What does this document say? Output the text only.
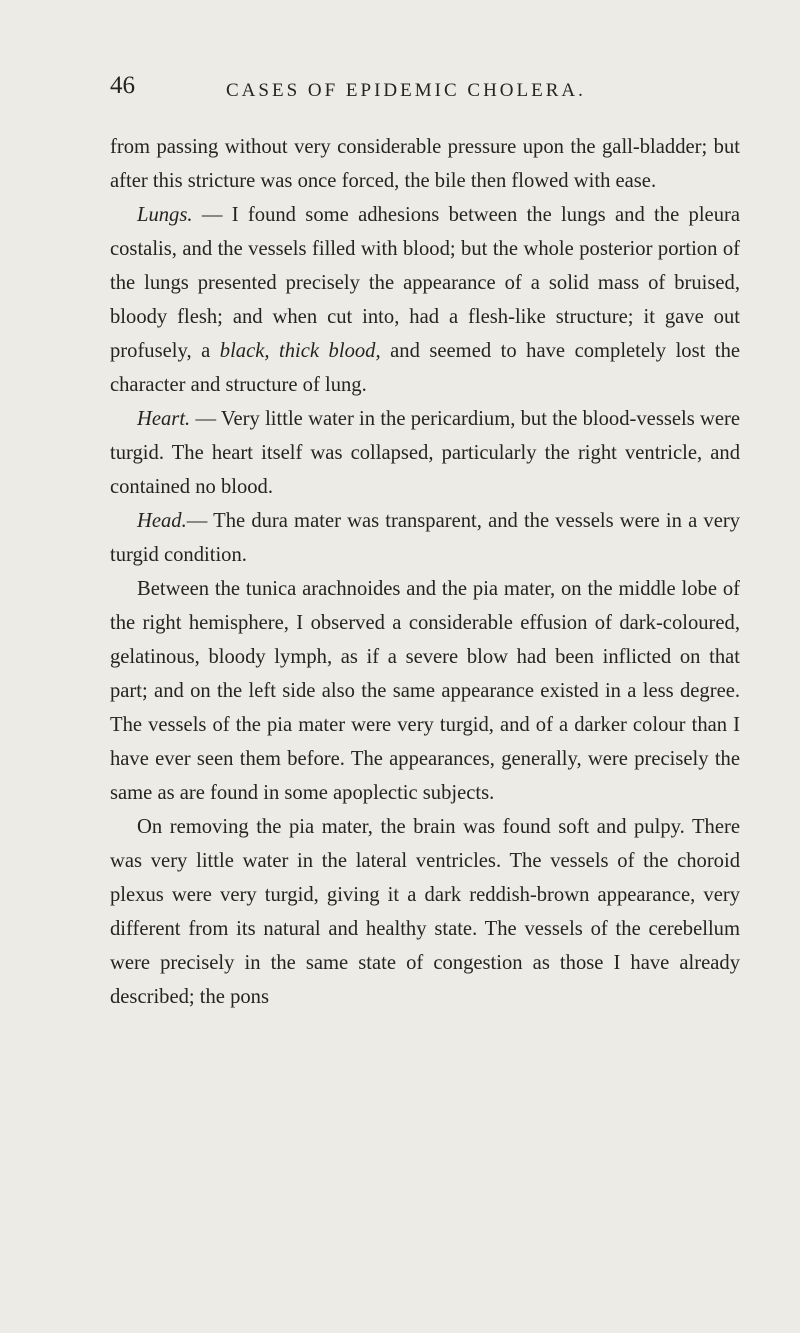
46	CASES OF EPIDEMIC CHOLERA.

from passing without very considerable pressure upon the gall-bladder; but after this stricture was once forced, the bile then flowed with ease.

Lungs. — I found some adhesions between the lungs and the pleura costalis, and the vessels filled with blood; but the whole posterior portion of the lungs presented precisely the appearance of a solid mass of bruised, bloody flesh; and when cut into, had a flesh-like structure; it gave out profusely, a black, thick blood, and seemed to have completely lost the character and structure of lung.

Heart. — Very little water in the pericardium, but the blood-vessels were turgid. The heart itself was collapsed, particularly the right ventricle, and contained no blood.

Head.— The dura mater was transparent, and the vessels were in a very turgid condition.

Between the tunica arachnoides and the pia mater, on the middle lobe of the right hemisphere, I observed a considerable effusion of dark-coloured, gelatinous, bloody lymph, as if a severe blow had been inflicted on that part; and on the left side also the same appearance existed in a less degree. The vessels of the pia mater were very turgid, and of a darker colour than I have ever seen them before. The appearances, generally, were precisely the same as are found in some apoplectic subjects.

On removing the pia mater, the brain was found soft and pulpy. There was very little water in the lateral ventricles. The vessels of the choroid plexus were very turgid, giving it a dark reddish-brown appearance, very different from its natural and healthy state. The vessels of the cerebellum were precisely in the same state of congestion as those I have already described; the pons
